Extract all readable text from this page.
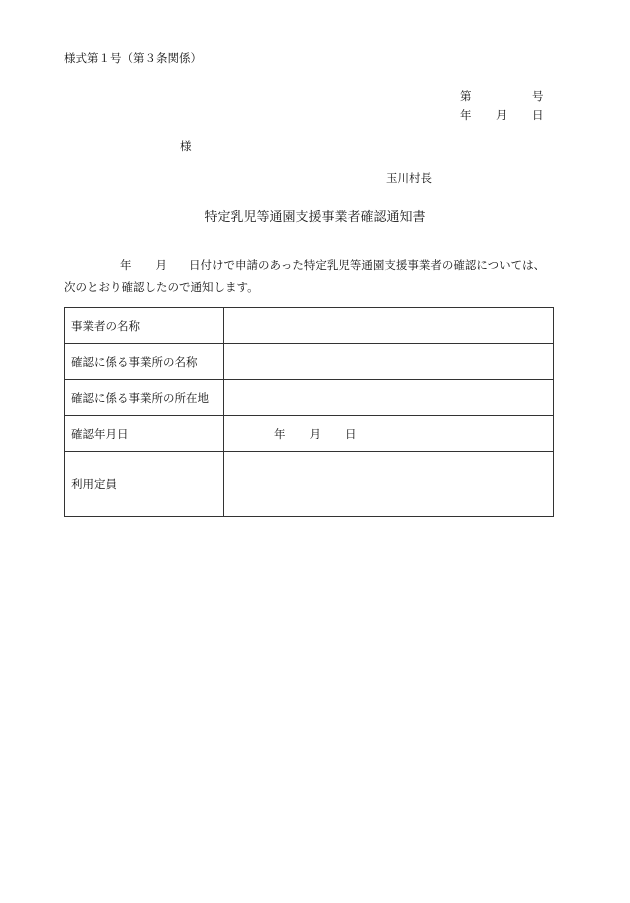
様式第１号（第３条関係）
第	号
年 月 日
様
玉川村長
特定乳児等通園支援事業者確認通知書
年 月 日付けで申請のあった特定乳児等通園支援事業者の確認については、
次のとおり確認したので通知します。
事業者の名称	
確認に係る事業所の名称	
確認に係る事業所の所在地	
確認年月日	年 月 日
利用定員	
